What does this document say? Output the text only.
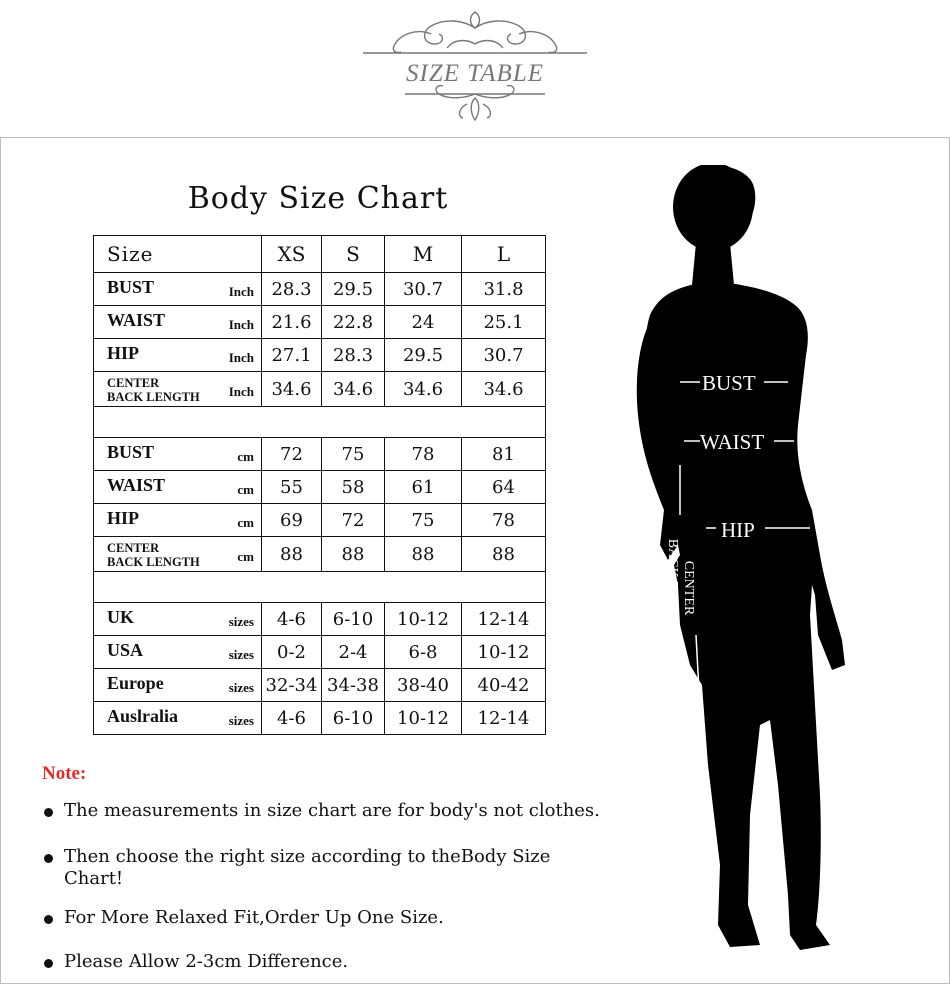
SIZE TABLE
Body Size Chart
Size	XS	S	M	L

BUST Inch	28.3	29.5	30.7	31.8

WAIST Inch	21.6	22.8	24	25.1

HIP Inch	27.1	28.3	29.5	30.7

CENTER
BACK LENGTH Inch	34.6	34.6	34.6	34.6

BUST cm	72	75	78	81

WAIST cm	55	58	61	64

HIP cm	69	72	75	78

CENTER
BACK LENGTH cm	88	88	88	88

UK sizes	4-6	6-10	10-12	12-14

USA sizes	0-2	2-4	6-8	10-12

Europe sizes	32-34	34-38	38-40	40-42

Auslralia sizes	4-6	6-10	10-12	12-14
Note:
The measurements in size chart are for body's not clothes.
Then choose the right size according to theBody Size
Chart!
For More Relaxed Fit,Order Up One Size.
Please Allow 2-3cm Difference.
BUST
WAIST
HIP
CENTER
BACK LENGTH
